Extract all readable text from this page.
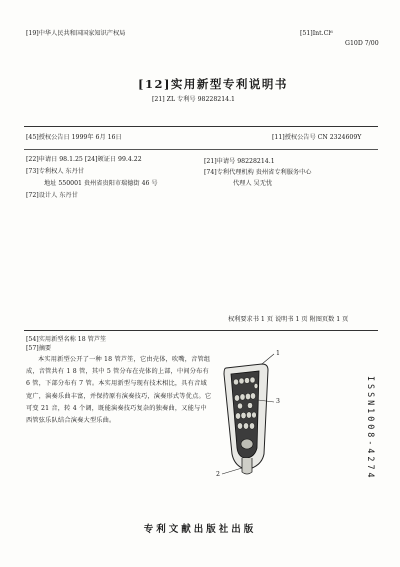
[19]中华人民共和国国家知识产权局	[51]Int.Cl⁶
G10D 7/00
[12]实用新型专利说明书
[21] ZL 专利号 98228214.1
[45]授权公告日 1999年 6月 16日	[11]授权公告号 CN 2324609Y
[22]申请日 98.1.25 [24]颁证日 99.4.22
[73]专利权人 东丹甘
地址 550001 贵州省贵阳市瑞德街 46 号
[72]设计人 东丹甘
[21]申请号 98228214.1
[74]专利代理机构 贵州省专利服务中心
代理人 吴无忧
权利要求书 1 页 说明书 1 页 附图页数 1 页
[54]实用新型名称 18 管芦笙
[57]摘要
本实用新型公开了一种 18 管芦笙，它由壳体，吹嘴，音管组成，音管共有 1 8 管，其中 5 管分布在壳体的上部，中间分布有 6 管，下部分布有 7 管。本实用新型与现有技术相比，具有音域宽广，演奏乐曲丰富，并保持原有演奏技巧，演奏形式等优点。它可变 21 音，转 4 个调，既能演奏技巧复杂的独奏曲，又能与中西管弦乐队结合演奏大型乐曲。
1
3
2	ISSN1008-4274
专利文献出版社出版
